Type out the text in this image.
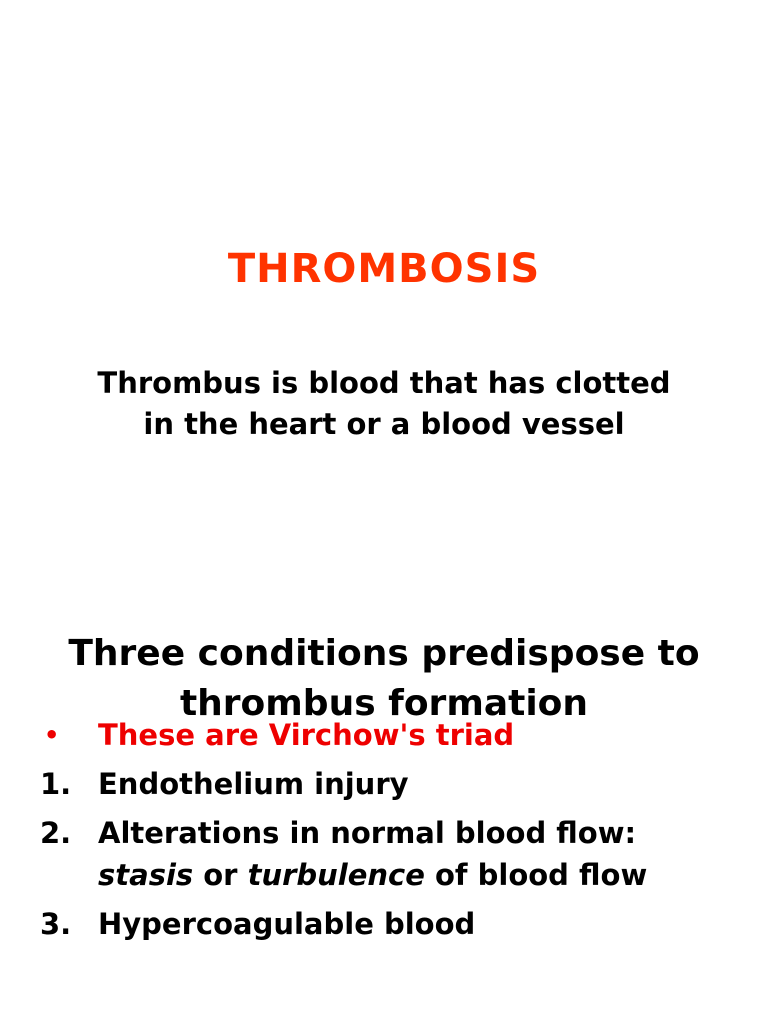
THROMBOSIS

Thrombus is blood that has clotted in the heart or a blood vessel

Three conditions predispose to thrombus formation
•	These are Virchow's triad
1. Endothelium injury
2. Alterations in normal blood flow:
stasis or turbulence of blood flow
3. Hypercoagulable blood
